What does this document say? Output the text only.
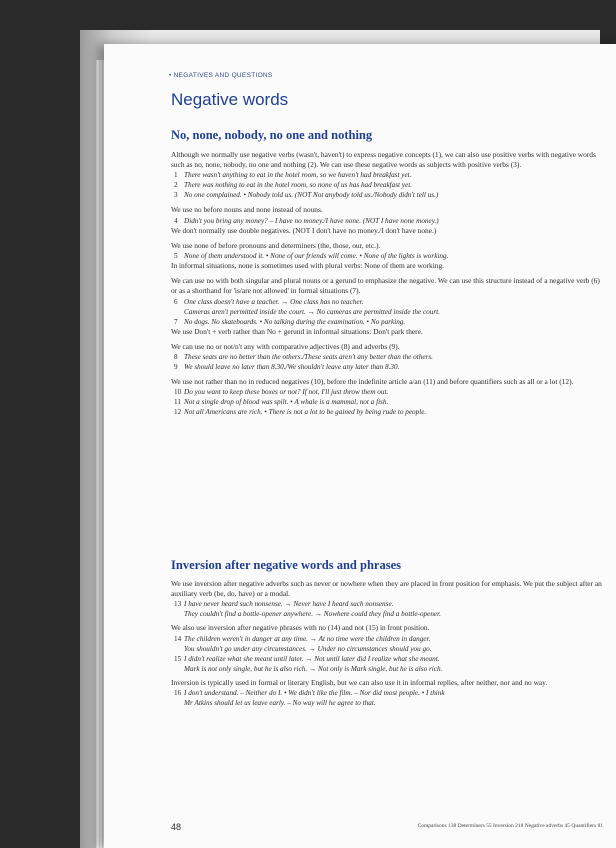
• NEGATIVES AND QUESTIONS
Negative words
No, none, nobody, no one and nothing

Although we normally use negative verbs (wasn't, haven't) to express negative concepts (1), we can also use positive verbs with negative words such as no, none, nobody, no one and nothing (2). We can use these negative words as subjects with positive verbs (3).

1 There wasn't anything to eat in the hotel room, so we haven't had breakfast yet.

2 There was nothing to eat in the hotel room, so none of us has had breakfast yet.

3 No one complained. • Nobody told us. (NOT Not anybody told us./Nobody didn't tell us.)

We use no before nouns and none instead of nouns.

4 Didn't you bring any money? – I have no money./I have none. (NOT I have none money.)

We don't normally use double negatives. (NOT I don't have no money./I don't have none.)

We use none of before pronouns and determiners (the, those, our, etc.).

5 None of them understood it. • None of our friends will come. • None of the lights is working.

In informal situations, none is sometimes used with plural verbs: None of them are working.

We can use no with both singular and plural nouns or a gerund to emphasize the negative. We can use this structure instead of a negative verb (6) or as a shorthand for 'is/are not allowed' in formal situations (7).

6 One class doesn't have a teacher. → One class has no teacher.

Cameras aren't permitted inside the court. → No cameras are permitted inside the court.

7 No dogs. No skateboards. • No talking during the examination. • No parking.

We use Don't + verb rather than No + gerund in informal situations: Don't park there.

We can use no or not/n't any with comparative adjectives (8) and adverbs (9).

8 These seats are no better than the others./These seats aren't any better than the others.

9 We should leave no later than 8.30./We shouldn't leave any later than 8.30.

We use not rather than no in reduced negatives (10), before the indefinite article a/an (11) and before quantifiers such as all or a lot (12).

10 Do you want to keep these boxes or not? If not, I'll just throw them out.

11 Not a single drop of blood was spilt. • A whale is a mammal, not a fish.

12 Not all Americans are rich. • There is not a lot to be gained by being rude to people.

Inversion after negative words and phrases

We use inversion after negative adverbs such as never or nowhere when they are placed in front position for emphasis. We put the subject after an auxiliary verb (be, do, have) or a modal.

13 I have never heard such nonsense. → Never have I heard such nonsense.

They couldn't find a bottle-opener anywhere. → Nowhere could they find a bottle-opener.

We also use inversion after negative phrases with no (14) and not (15) in front position.

14 The children weren't in danger at any time. → At no time were the children in danger.

You shouldn't go under any circumstances. → Under no circumstances should you go.

15 I didn't realize what she meant until later. → Not until later did I realize what she meant.

Mark is not only single, but he is also rich. → Not only is Mark single, but he is also rich.

Inversion is typically used in formal or literary English, but we can also use it in informal replies, after neither, nor and no way.

16 I don't understand. – Neither do I. • We didn't like the film. – Nor did most people. • I think

Mr Atkins should let us leave early. – No way will he agree to that.

48	Comparisons 138 Determiners 55 Inversion 218 Negative adverbs 45 Quantifiers 81
